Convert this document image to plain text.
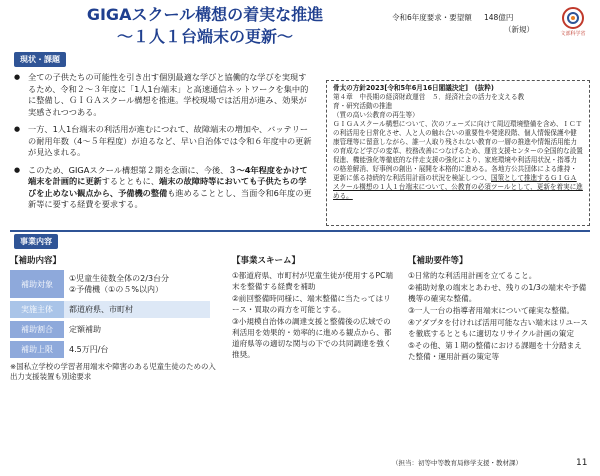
GIGAスクール構想の着実な推進
～１人１台端末の更新～
令和6年度要求・要望額 148億円
（新規）	文部科学省
現状・課題
● 全ての子供たちの可能性を引き出す個別最適な学びと協働的な学びを実現するため、令和２～３年度に「1人1台端末」と高速通信ネットワークを集中的に整備し、ＧＩＧＡスクール構想を推進。学校現場では活用が進み、効果が実感されつつある。
● 一方、1人1台端末の利活用が進むにつれて、故障端末の増加や、バッテリーの耐用年数（4～５年程度）が迫るなど、早い自治体では令和６年度中の更新が見込まれる。
● このため、GIGAスクール構想第２期を念頭に、今後、３～4年程度をかけて端末を計画的に更新するとともに、端末の故障時等においても子供たちの学びを止めない観点から、予備機の整備も進めることとし、当面令和6年度の更新等に要する経費を要求する。
骨太の方針2023[令和5年6月16日閣議決定]　(抜粋)
第４章　中長期の経済財政運営　５．経済社会の活力を支える教
育・研究活動の推進
（質の高い公教育の再生等）
ＧＩＧＡスクール構想について、次のフェーズに向けて周辺環境整備を含め、ＩＣＴの利活用を日常化させ、人と人の触れ合いの重要性や発達段階、個人情報保護や健康管理等に留意しながら、誰一人取り残されない教育の一層の推進や情報活用能力の育成など学びの変革、校務改善につなげるため、運営支援センターの全国的な設置促進、機能強化等徹底的な伴走支援の強化により、家庭環境や利活用状況・指導力の格差解消、好事例の創出・展開を本格的に進める。各地方公共団体による維持・更新に係る持続的な利活用計画の状況を検証しつつ、国策として推進するＧＩＧＡスクール構想の１人１台端末について、公教育の必須ツールとして、更新を着実に進める。
事業内容
【補助内容】
補助対象
①児童生徒数全体の2/3台分
②予備機（①の５%以内）
実施主体	都道府県、市町村
補助割合	定額補助
補助上限	4.5万円/台
※国私立学校の学習者用端末や障害のある児童生徒のための入出力支援装置も別途要求
【事業スキーム】
①都道府県、市町村が児童生徒が使用するPC端末を整備する経費を補助
②前回整備時同様に、端末整備に当たってはリース・買取の両方を可能とする。
③小規模自治体の調達支援と整備後の広域での利活用を効果的・効率的に進める観点から、都道府県等の適切な関与の下での共同調達を強く推奨。
【補助要件等】
①日常的な利活用計画を立てること。
②補助対象の端末とあわせ、残りの1/3の端末や予備機等の確実な整備。
③一人一台の指導者用端末について確実な整備。
④アダプタを付ければ活用可能な古い端末はリユースを徹底するとともに適切なリサイクル計画の策定
⑤その他、第１期の整備における課題を十分踏まえた整備・運用計画の策定等
（担当：初等中等教育局修学支援・教材課）	11
